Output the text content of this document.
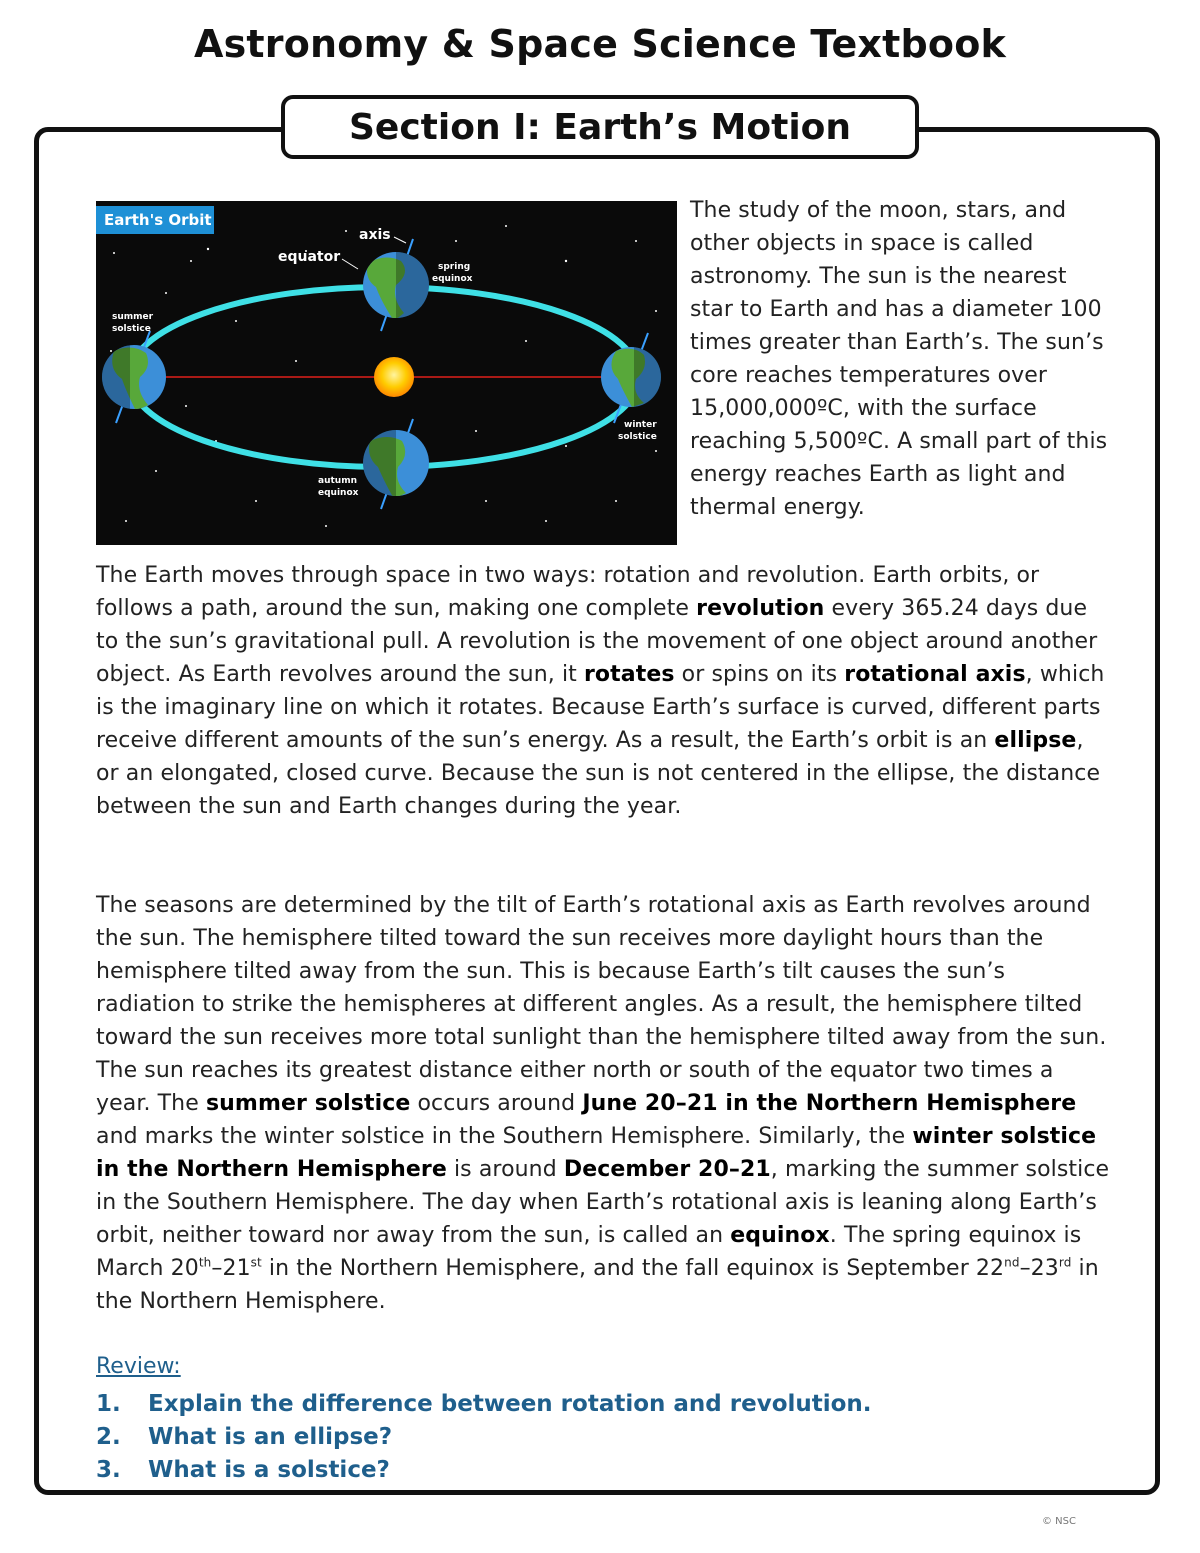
Astronomy & Space Science Textbook
Section I: Earth’s Motion
Earth's Orbit
axis
equator
spring equinox
summer solstice
winter solstice
autumn equinox

The study of the moon, stars, and other objects in space is called astronomy. The sun is the nearest star to Earth and has a diameter 100 times greater than Earth’s. The sun’s core reaches temperatures over 15,000,000ºC, with the surface reaching 5,500ºC. A small part of this energy reaches Earth as light and thermal energy.

The Earth moves through space in two ways: rotation and revolution. Earth orbits, or follows a path, around the sun, making one complete revolution every 365.24 days due to the sun’s gravitational pull. A revolution is the movement of one object around another object. As Earth revolves around the sun, it rotates or spins on its rotational axis, which is the imaginary line on which it rotates. Because Earth’s surface is curved, different parts receive different amounts of the sun’s energy. As a result, the Earth’s orbit is an ellipse, or an elongated, closed curve. Because the sun is not centered in the ellipse, the distance between the sun and Earth changes during the year.

The seasons are determined by the tilt of Earth’s rotational axis as Earth revolves around the sun. The hemisphere tilted toward the sun receives more daylight hours than the hemisphere tilted away from the sun. This is because Earth’s tilt causes the sun’s radiation to strike the hemispheres at different angles. As a result, the hemisphere tilted toward the sun receives more total sunlight than the hemisphere tilted away from the sun. The sun reaches its greatest distance either north or south of the equator two times a year. The summer solstice occurs around June 20–21 in the Northern Hemisphere and marks the winter solstice in the Southern Hemisphere. Similarly, the winter solstice in the Northern Hemisphere is around December 20–21, marking the summer solstice in the Southern Hemisphere. The day when Earth’s rotational axis is leaning along Earth’s orbit, neither toward nor away from the sun, is called an equinox. The spring equinox is March 20th–21st in the Northern Hemisphere, and the fall equinox is September 22nd–23rd in the Northern Hemisphere.

Review:

1.	Explain the difference between rotation and revolution.
2.	What is an ellipse?
3.	What is a solstice?
© NSC
